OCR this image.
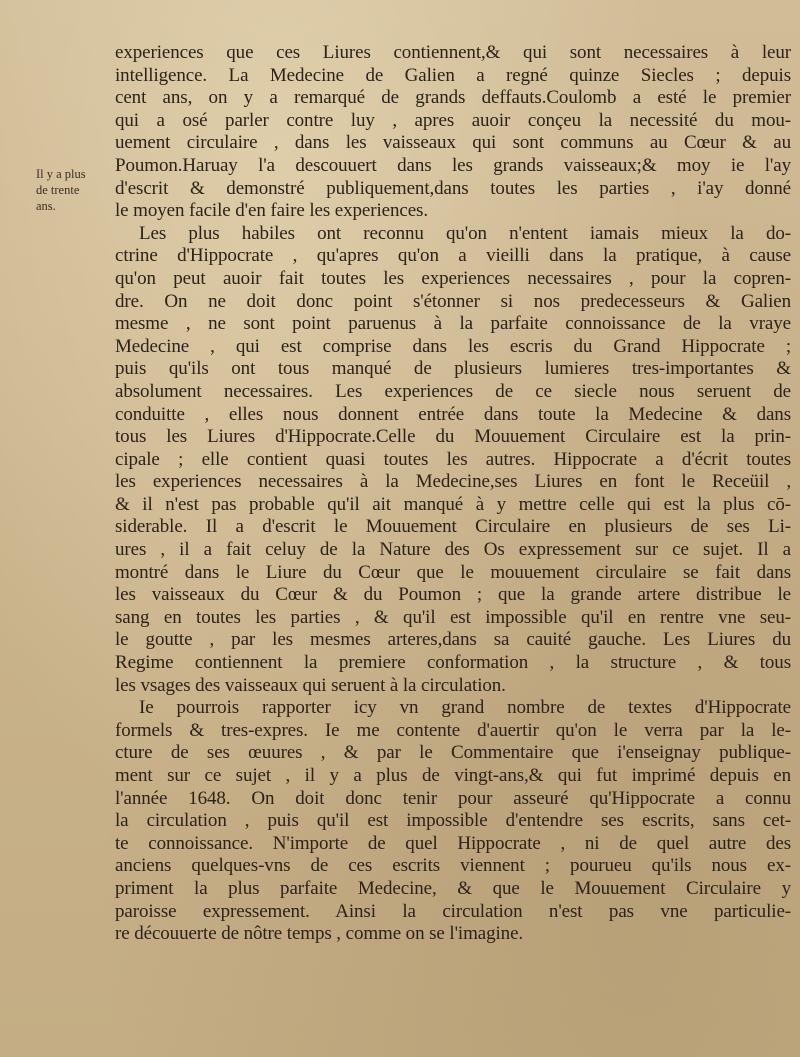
Il y a plus
de trente
ans.
experiences que ces Liures contiennent,& qui sont necessaires à leur
intelligence. La Medecine de Galien a regné quinze Siecles ; depuis
cent ans, on y a remarqué de grands deffauts.Coulomb a esté le premier
qui a osé parler contre luy , apres auoir conçeu la necessité du mou-
uement circulaire , dans les vaisseaux qui sont communs au Cœur & au
Poumon.Haruay l'a descouuert dans les grands vaisseaux;& moy ie l'ay
d'escrit & demonstré publiquement,dans toutes les parties , i'ay donné
le moyen facile d'en faire les experiences.
Les plus habiles ont reconnu qu'on n'entent iamais mieux la do-
ctrine d'Hippocrate , qu'apres qu'on a vieilli dans la pratique, à cause
qu'on peut auoir fait toutes les experiences necessaires , pour la copren-
dre. On ne doit donc point s'étonner si nos predecesseurs & Galien
mesme , ne sont point paruenus à la parfaite connoissance de la vraye
Medecine , qui est comprise dans les escris du Grand Hippocrate ;
puis qu'ils ont tous manqué de plusieurs lumieres tres-importantes &
absolument necessaires. Les experiences de ce siecle nous seruent de
conduitte , elles nous donnent entrée dans toute la Medecine & dans
tous les Liures d'Hippocrate.Celle du Mouuement Circulaire est la prin-
cipale ; elle contient quasi toutes les autres. Hippocrate a d'écrit toutes
les experiences necessaires à la Medecine,ses Liures en font le Receüil ,
& il n'est pas probable qu'il ait manqué à y mettre celle qui est la plus cō-
siderable. Il a d'escrit le Mouuement Circulaire en plusieurs de ses Li-
ures , il a fait celuy de la Nature des Os expressement sur ce sujet. Il a
montré dans le Liure du Cœur que le mouuement circulaire se fait dans
les vaisseaux du Cœur & du Poumon ; que la grande artere distribue le
sang en toutes les parties , & qu'il est impossible qu'il en rentre vne seu-
le goutte , par les mesmes arteres,dans sa cauité gauche. Les Liures du
Regime contiennent la premiere conformation , la structure , & tous
les vsages des vaisseaux qui seruent à la circulation.
Ie pourrois rapporter icy vn grand nombre de textes d'Hippocrate
formels & tres-expres. Ie me contente d'auertir qu'on le verra par la le-
cture de ses œuures , & par le Commentaire que i'enseignay publique-
ment sur ce sujet , il y a plus de vingt-ans,& qui fut imprimé depuis en
l'année 1648. On doit donc tenir pour asseuré qu'Hippocrate a connu
la circulation , puis qu'il est impossible d'entendre ses escrits, sans cet-
te connoissance. N'importe de quel Hippocrate , ni de quel autre des
anciens quelques-vns de ces escrits viennent ; pourueu qu'ils nous ex-
priment la plus parfaite Medecine, & que le Mouuement Circulaire y
paroisse expressement. Ainsi la circulation n'est pas vne particulie-
re découuerte de nôtre temps , comme on se l'imagine.
